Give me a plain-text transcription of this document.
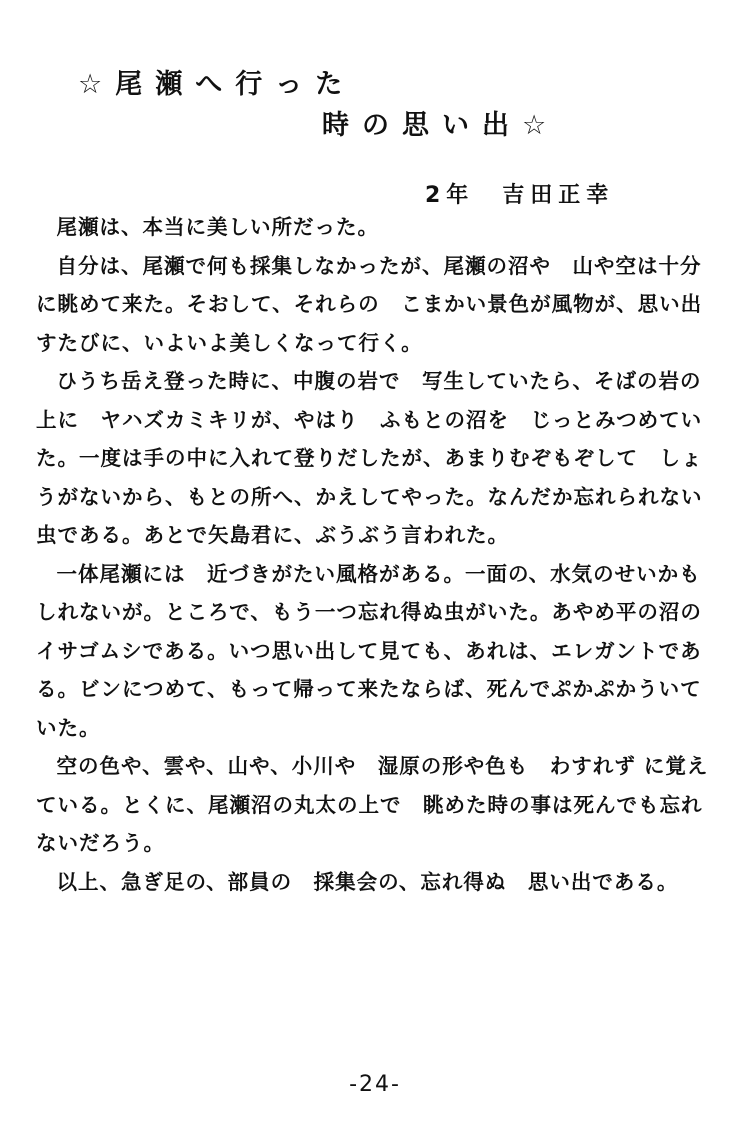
☆尾瀬へ行った
時の思い出☆
2年　吉田正幸

尾瀬は、本当に美しい所だった。

自分は、尾瀬で何も採集しなかったが、尾瀬の沼や　山や空は十分に眺めて来た。そおして、それらの　こまかい景色が風物が、思い出すたびに、いよいよ美しくなって行く。

ひうち岳え登った時に、中腹の岩で　写生していたら、そばの岩の上に　ヤハズカミキリが、やはり　ふもとの沼を　じっとみつめていた。一度は手の中に入れて登りだしたが、あまりむぞもぞして　しょうがないから、もとの所へ、かえしてやった。なんだか忘れられない虫である。あとで矢島君に、ぶうぶう言われた。

一体尾瀬には　近づきがたい風格がある。一面の、水気のせいかもしれないが。ところで、もう一つ忘れ得ぬ虫がいた。あやめ平の沼の　イサゴムシである。いつ思い出して見ても、あれは、エレガントである。ビンにつめて、もって帰って来たならば、死んでぷかぷかういていた。

空の色や、雲や、山や、小川や　湿原の形や色も　わすれず に覚えている。とくに、尾瀬沼の丸太の上で　眺めた時の事は死んでも忘れないだろう。

以上、急ぎ足の、部員の　採集会の、忘れ得ぬ　思い出である。

-24-
